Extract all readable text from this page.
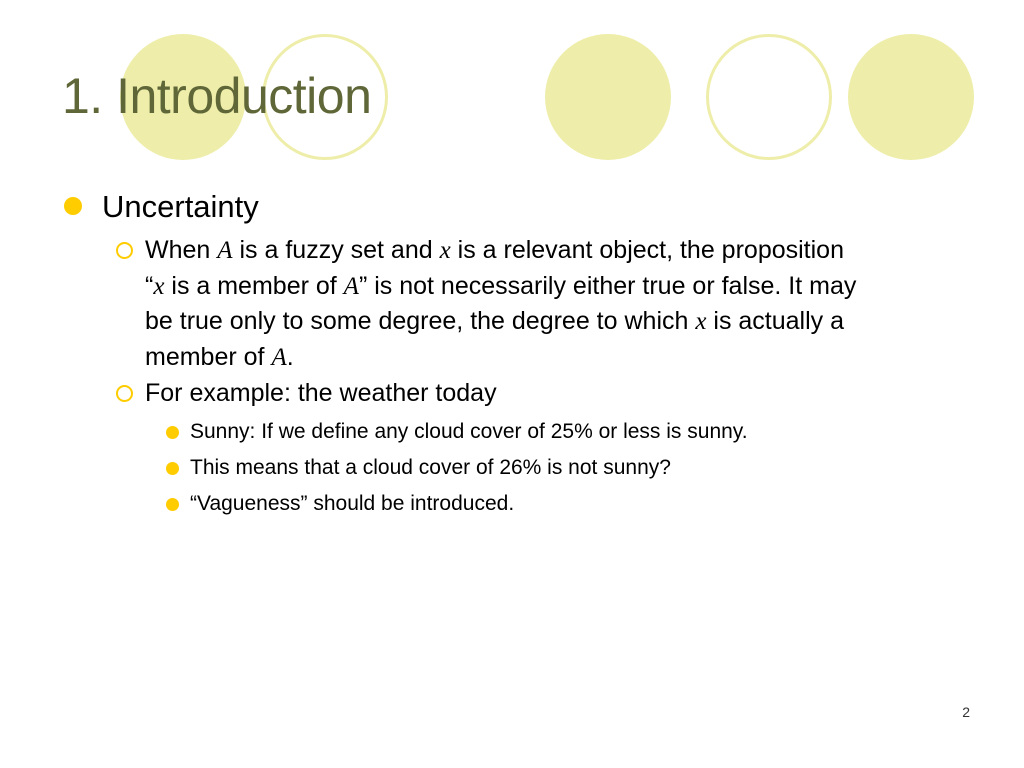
1. Introduction
Uncertainty
When A is a fuzzy set and x is a relevant object, the proposition
“x is a member of A” is not necessarily either true or false. It may
be true only to some degree, the degree to which x is actually a
member of A.
For example: the weather today
Sunny: If we define any cloud cover of 25% or less is sunny.
This means that a cloud cover of 26% is not sunny?
“Vagueness” should be introduced.
2
